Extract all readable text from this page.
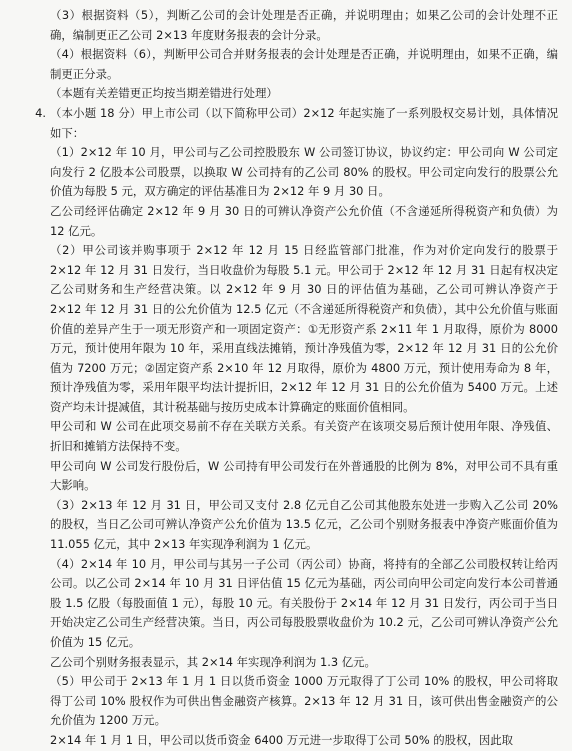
（3）根据资料（5），判断乙公司的会计处理是否正确，并说明理由；如果乙公司的会计处理不正确，编制更正乙公司 2×13 年度财务报表的会计分录。

（4）根据资料（6），判断甲公司合并财务报表的会计处理是否正确，并说明理由，如果不正确，编制更正分录。

（本题有关差错更正均按当期差错进行处理）

4. （本小题 18 分）甲上市公司（以下简称甲公司）2×12 年起实施了一系列股权交易计划，具体情况如下：

（1）2×12 年 10 月，甲公司与乙公司控股股东 W 公司签订协议，协议约定：甲公司向 W 公司定向发行 2 亿股本公司股票，以换取 W 公司持有的乙公司 80% 的股权。甲公司定向发行的股票公允价值为每股 5 元，双方确定的评估基准日为 2×12 年 9 月 30 日。

乙公司经评估确定 2×12 年 9 月 30 日的可辨认净资产公允价值（不含递延所得税资产和负债）为 12 亿元。

（2）甲公司该并购事项于 2×12 年 12 月 15 日经监管部门批准，作为对价定向发行的股票于 2×12 年 12 月 31 日发行，当日收盘价为每股 5.1 元。甲公司于 2×12 年 12 月 31 日起有权决定乙公司财务和生产经营决策。以 2×12 年 9 月 30 日的评估值为基础，乙公司可辨认净资产于 2×12 年 12 月 31 日的公允价值为 12.5 亿元（不含递延所得税资产和负债），其中公允价值与账面价值的差异产生于一项无形资产和一项固定资产：①无形资产系 2×11 年 1 月取得，原价为 8000 万元，预计使用年限为 10 年，采用直线法摊销，预计净残值为零，2×12 年 12 月 31 日的公允价值为 7200 万元；②固定资产系 2×10 年 12 月取得，原价为 4800 万元，预计使用寿命为 8 年，预计净残值为零，采用年限平均法计提折旧，2×12 年 12 月 31 日的公允价值为 5400 万元。上述资产均未计提减值，其计税基础与按历史成本计算确定的账面价值相同。

甲公司和 W 公司在此项交易前不存在关联方关系。有关资产在该项交易后预计使用年限、净残值、折旧和摊销方法保持不变。

甲公司向 W 公司发行股份后，W 公司持有甲公司发行在外普通股的比例为 8%，对甲公司不具有重大影响。

（3）2×13 年 12 月 31 日，甲公司又支付 2.8 亿元自乙公司其他股东处进一步购入乙公司 20% 的股权，当日乙公司可辨认净资产公允价值为 13.5 亿元，乙公司个别财务报表中净资产账面价值为 11.055 亿元，其中 2×13 年实现净利润为 1 亿元。

（4）2×14 年 10 月，甲公司与其另一子公司（丙公司）协商，将持有的全部乙公司股权转让给丙公司。以乙公司 2×14 年 10 月 31 日评估值 15 亿元为基础，丙公司向甲公司定向发行本公司普通股 1.5 亿股（每股面值 1 元），每股 10 元。有关股份于 2×14 年 12 月 31 日发行，丙公司于当日开始决定乙公司生产经营决策。当日，丙公司每股股票收盘价为 10.2 元，乙公司可辨认净资产公允价值为 15 亿元。

乙公司个别财务报表显示，其 2×14 年实现净利润为 1.3 亿元。

（5）甲公司于 2×13 年 1 月 1 日以货币资金 1000 万元取得了丁公司 10% 的股权，甲公司将取得丁公司 10% 股权作为可供出售金融资产核算。2×13 年 12 月 31 日，该可供出售金融资产的公允价值为 1200 万元。

2×14 年 1 月 1 日，甲公司以货币资金 6400 万元进一步取得丁公司 50% 的股权，因此取
